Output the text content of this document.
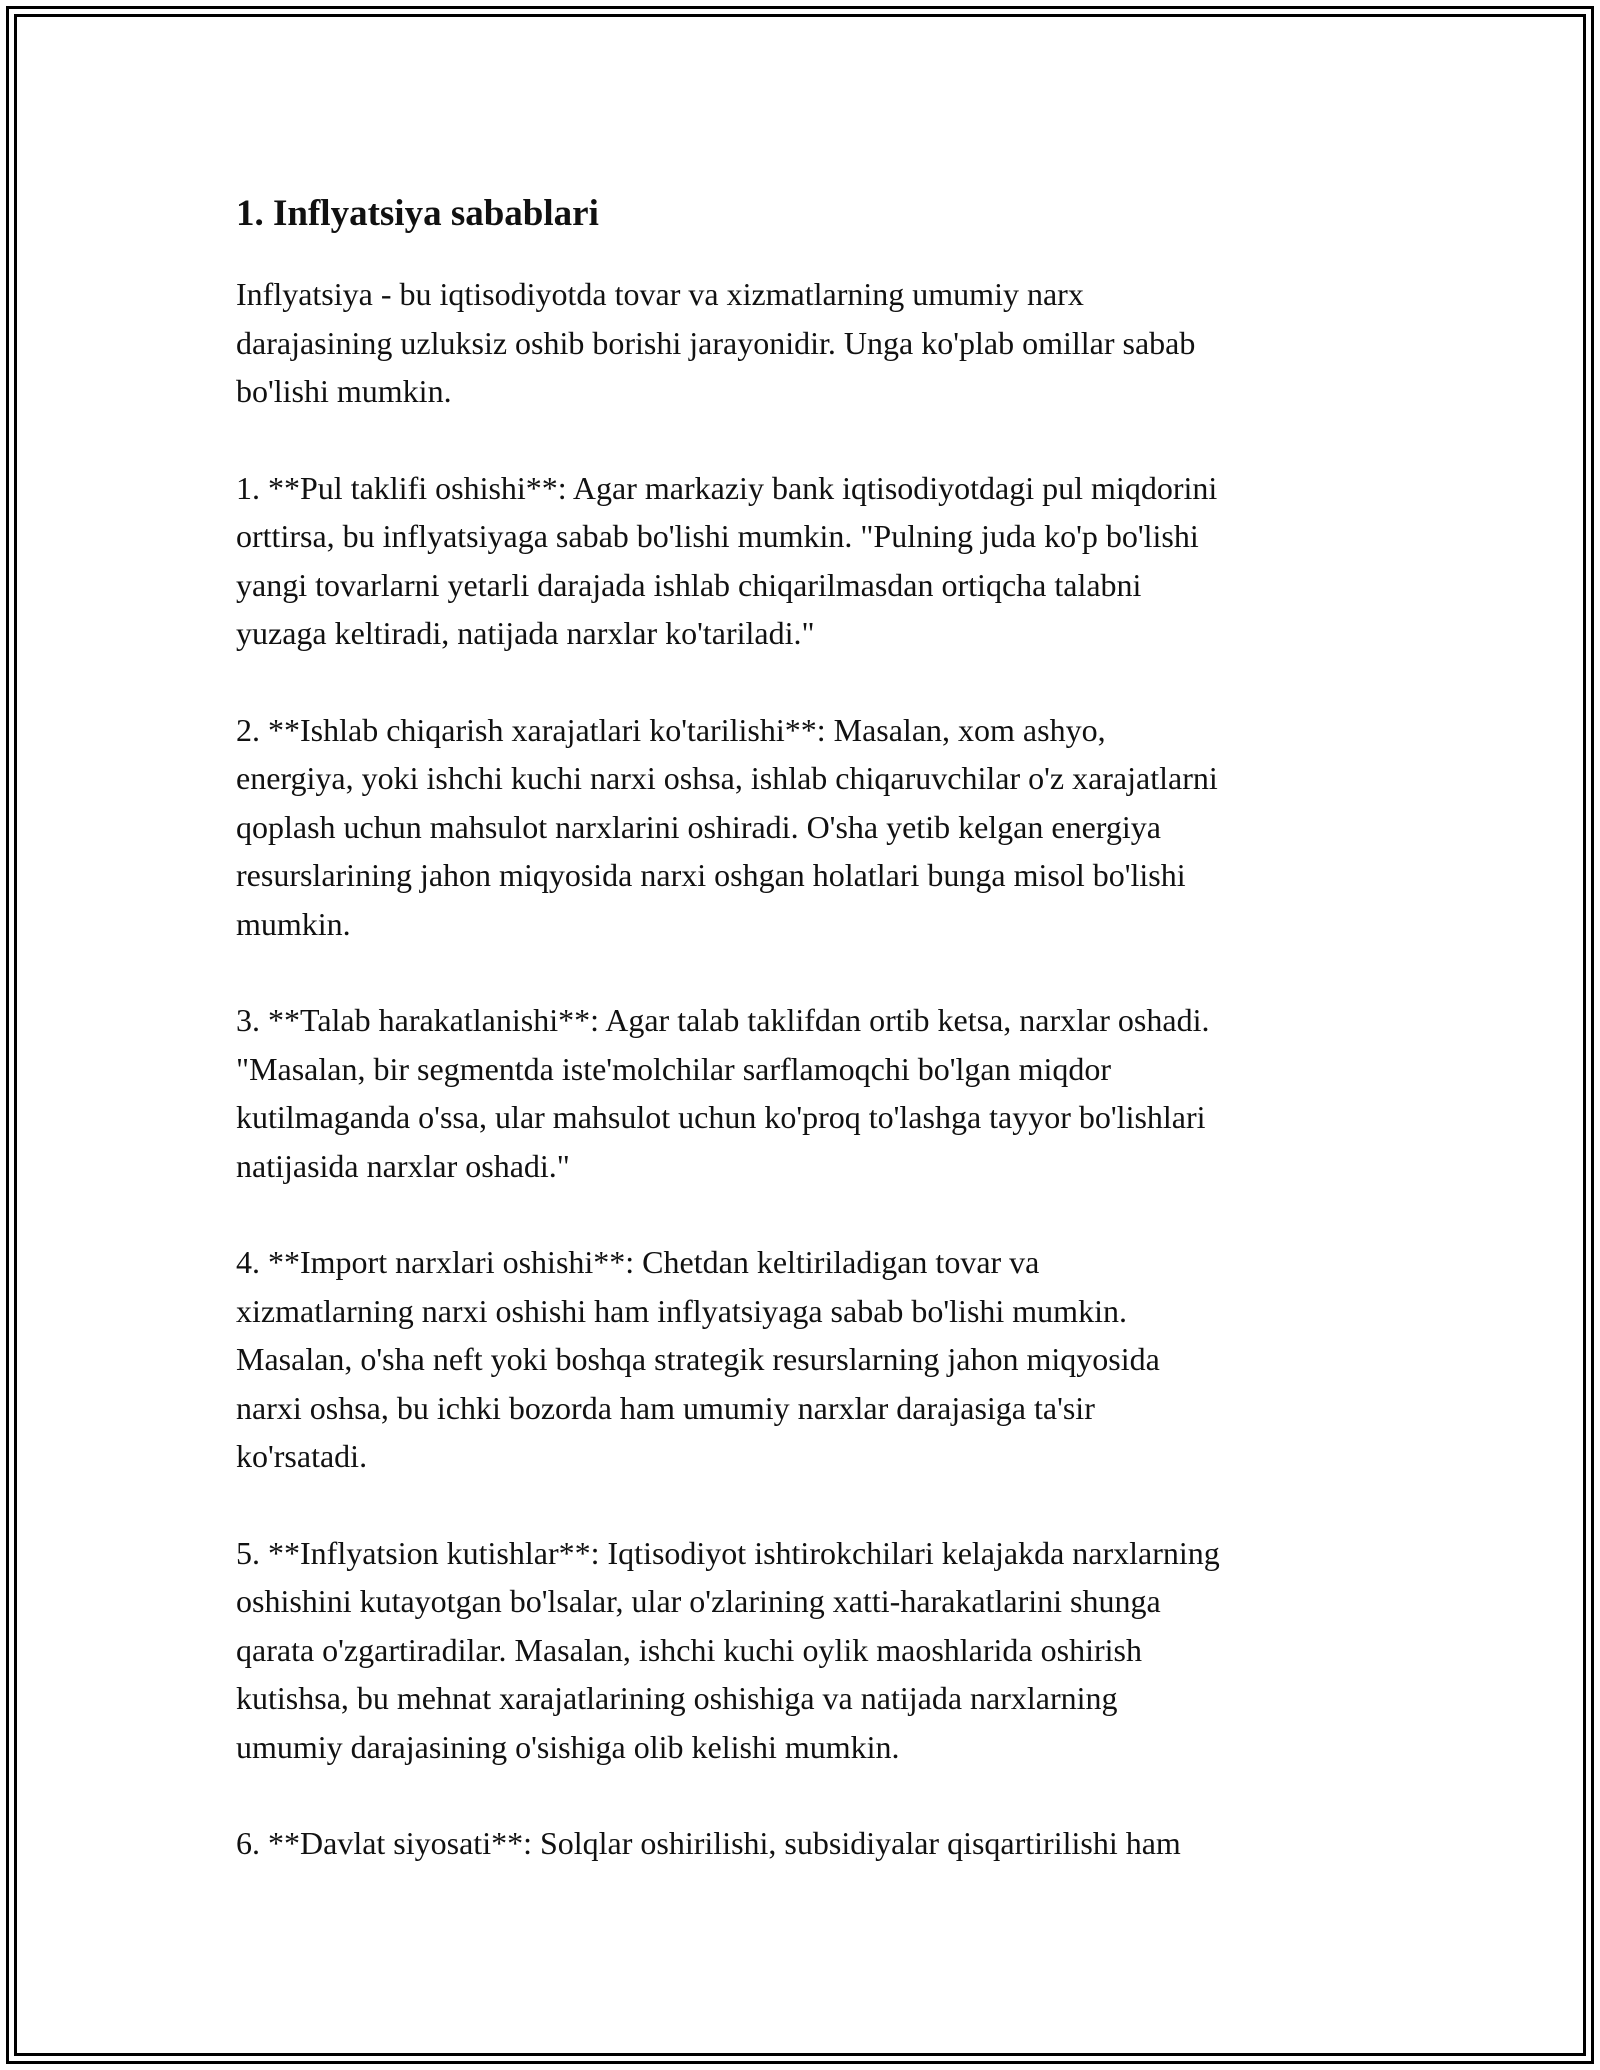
1. Inflyatsiya sabablari

Inflyatsiya - bu iqtisodiyotda tovar va xizmatlarning umumiy narx
darajasining uzluksiz oshib borishi jarayonidir. Unga ko'plab omillar sabab
bo'lishi mumkin.

1. **Pul taklifi oshishi**: Agar markaziy bank iqtisodiyotdagi pul miqdorini
orttirsa, bu inflyatsiyaga sabab bo'lishi mumkin. "Pulning juda ko'p bo'lishi
yangi tovarlarni yetarli darajada ishlab chiqarilmasdan ortiqcha talabni
yuzaga keltiradi, natijada narxlar ko'tariladi."

2. **Ishlab chiqarish xarajatlari ko'tarilishi**: Masalan, xom ashyo,
energiya, yoki ishchi kuchi narxi oshsa, ishlab chiqaruvchilar o'z xarajatlarni
qoplash uchun mahsulot narxlarini oshiradi. O'sha yetib kelgan energiya
resurslarining jahon miqyosida narxi oshgan holatlari bunga misol bo'lishi
mumkin.

3. **Talab harakatlanishi**: Agar talab taklifdan ortib ketsa, narxlar oshadi.
"Masalan, bir segmentda iste'molchilar sarflamoqchi bo'lgan miqdor
kutilmaganda o'ssa, ular mahsulot uchun ko'proq to'lashga tayyor bo'lishlari
natijasida narxlar oshadi."

4. **Import narxlari oshishi**: Chetdan keltiriladigan tovar va
xizmatlarning narxi oshishi ham inflyatsiyaga sabab bo'lishi mumkin.
Masalan, o'sha neft yoki boshqa strategik resurslarning jahon miqyosida
narxi oshsa, bu ichki bozorda ham umumiy narxlar darajasiga ta'sir
ko'rsatadi.

5. **Inflyatsion kutishlar**: Iqtisodiyot ishtirokchilari kelajakda narxlarning
oshishini kutayotgan bo'lsalar, ular o'zlarining xatti-harakatlarini shunga
qarata o'zgartiradilar. Masalan, ishchi kuchi oylik maoshlarida oshirish
kutishsa, bu mehnat xarajatlarining oshishiga va natijada narxlarning
umumiy darajasining o'sishiga olib kelishi mumkin.

6. **Davlat siyosati**: Solqlar oshirilishi, subsidiyalar qisqartirilishi ham
